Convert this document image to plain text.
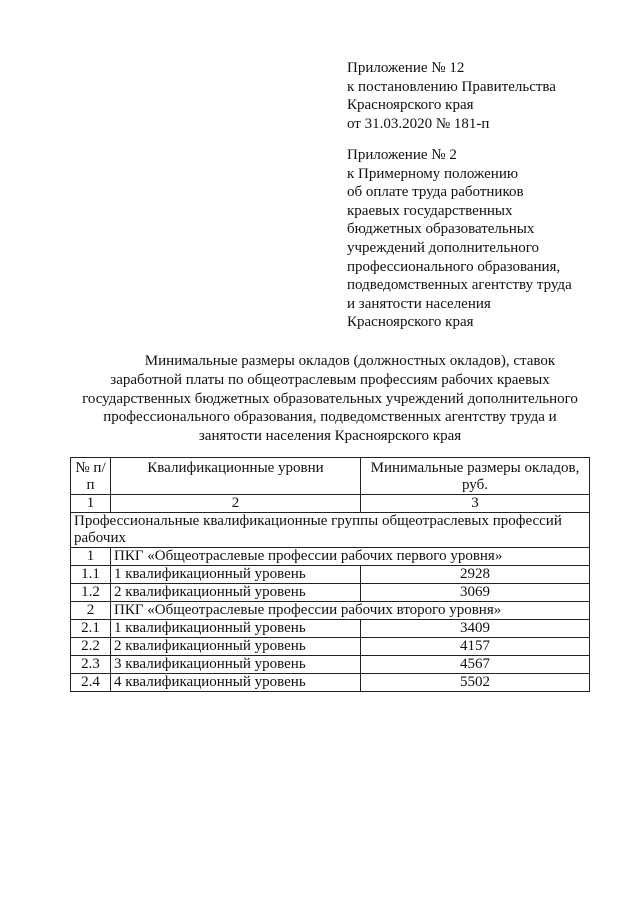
Приложение № 12
к постановлению Правительства
Красноярского края
от 31.03.2020 № 181-п
Приложение № 2
к Примерному положению
об оплате труда работников
краевых государственных
бюджетных образовательных
учреждений дополнительного
профессионального образования,
подведомственных агентству труда
и занятости населения
Красноярского края
Минимальные размеры окладов (должностных окладов), ставок
заработной платы по общеотраслевым профессиям рабочих краевых
государственных бюджетных образовательных учреждений дополнительного
профессионального образования, подведомственных агентству труда и
занятости населения Красноярского края
№ п/п	Квалификационные уровни	Минимальные размеры окладов, руб.
1	2	3
Профессиональные квалификационные группы общеотраслевых профессий рабочих		
1	ПКГ «Общеотраслевые профессии рабочих первого уровня»	
1.1	1 квалификационный уровень	2928
1.2	2 квалификационный уровень	3069
2	ПКГ «Общеотраслевые профессии рабочих второго уровня»	
2.1	1 квалификационный уровень	3409
2.2	2 квалификационный уровень	4157
2.3	3 квалификационный уровень	4567
2.4	4 квалификационный уровень	5502
